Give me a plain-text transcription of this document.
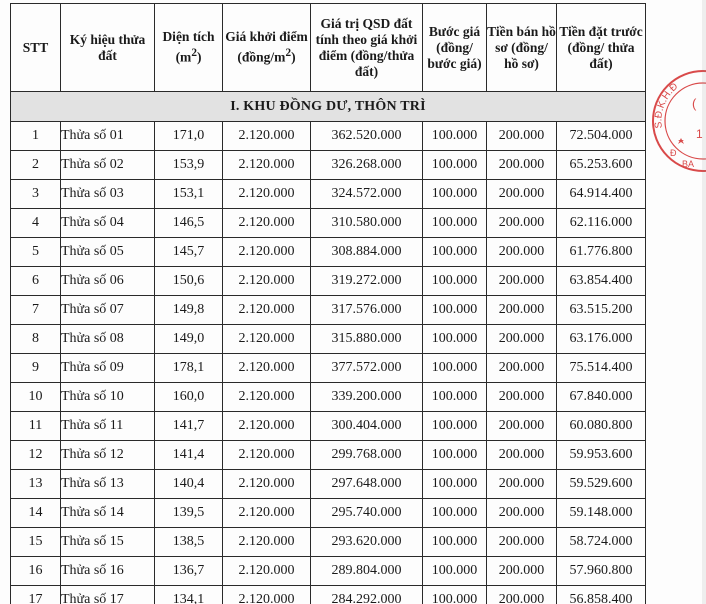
STT	Ký hiệu thửa đất	Diện tích $(m^2)$	Giá khởi điểm $(đồng/m^2)$	Giá trị QSD đất tính theo giá khởi điểm (đồng/thửa đất)	Bước giá (đồng/ bước giá)	Tiền bán hồ sơ (đồng/ hồ sơ)	Tiền đặt trước (đồng/ thửa đất)
I. KHU ĐỒNG DƯ, THÔN TRÌ							
1	Thửa số 01	171,0	2.120.000	362.520.000	100.000	200.000	72.504.000
2	Thửa số 02	153,9	2.120.000	326.268.000	100.000	200.000	65.253.600
3	Thửa số 03	153,1	2.120.000	324.572.000	100.000	200.000	64.914.400
4	Thửa số 04	146,5	2.120.000	310.580.000	100.000	200.000	62.116.000
5	Thửa số 05	145,7	2.120.000	308.884.000	100.000	200.000	61.776.800
6	Thửa số 06	150,6	2.120.000	319.272.000	100.000	200.000	63.854.400
7	Thửa số 07	149,8	2.120.000	317.576.000	100.000	200.000	63.515.200
8	Thửa số 08	149,0	2.120.000	315.880.000	100.000	200.000	63.176.000
9	Thửa số 09	178,1	2.120.000	377.572.000	100.000	200.000	75.514.400
10	Thửa số 10	160,0	2.120.000	339.200.000	100.000	200.000	67.840.000
11	Thửa số 11	141,7	2.120.000	300.404.000	100.000	200.000	60.080.800
12	Thửa số 12	141,4	2.120.000	299.768.000	100.000	200.000	59.953.600
13	Thửa số 13	140,4	2.120.000	297.648.000	100.000	200.000	59.529.600
14	Thửa số 14	139,5	2.120.000	295.740.000	100.000	200.000	59.148.000
15	Thửa số 15	138,5	2.120.000	293.620.000	100.000	200.000	58.724.000
16	Thửa số 16	136,7	2.120.000	289.804.000	100.000	200.000	57.960.800
17	Thửa số 17	134,1	2.120.000	284.292.000	100.000	200.000	56.858.400
S.Đ.K.H.Đ
(
1
Đ
BA
